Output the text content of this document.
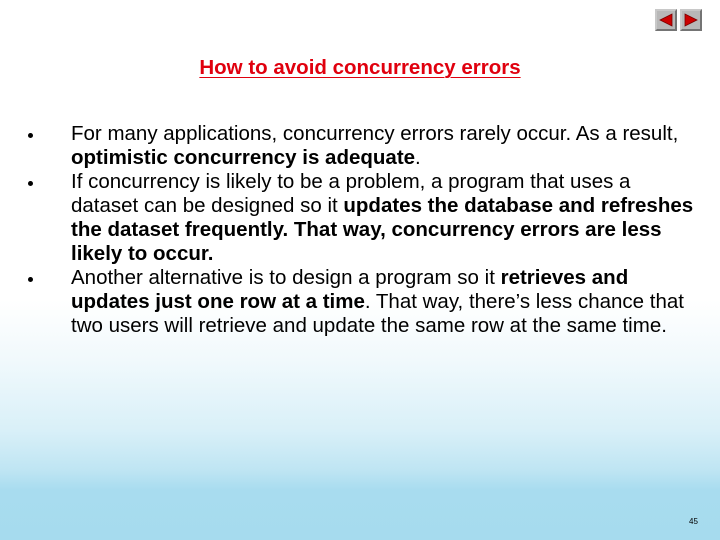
How to avoid concurrency errors
For many applications, concurrency errors rarely occur. As a result, optimistic concurrency is adequate.
If concurrency is likely to be a problem, a program that uses a dataset can be designed so it updates the database and refreshes the dataset frequently. That way, concurrency errors are less likely to occur.
Another alternative is to design a program so it retrieves and updates just one row at a time. That way, there’s less chance that two users will retrieve and update the same row at the same time.
45
